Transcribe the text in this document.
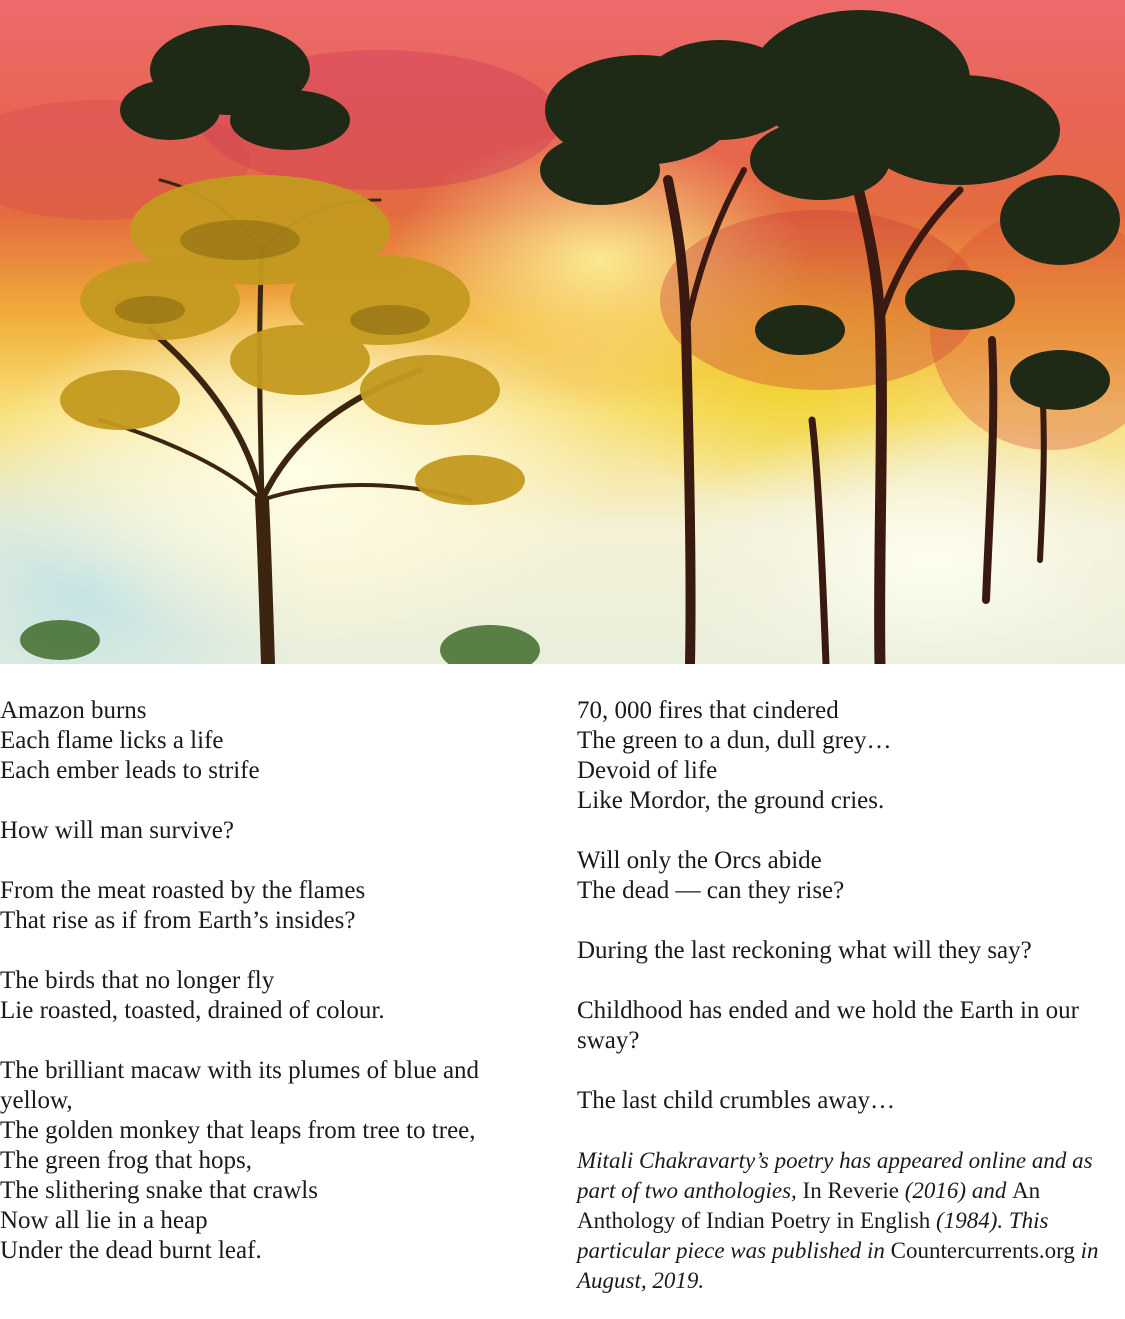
Amazon burns
Each flame licks a life
Each ember leads to strife
How will man survive?
From the meat roasted by the flames
That rise as if from Earth’s insides?
The birds that no longer fly
Lie roasted, toasted, drained of colour.
The brilliant macaw with its plumes of blue and yellow,
The golden monkey that leaps from tree to tree,
The green frog that hops,
The slithering snake that crawls
Now all lie in a heap
Under the dead burnt leaf.
70, 000 fires that cindered
The green to a dun, dull grey…
Devoid of life
Like Mordor, the ground cries.
Will only the Orcs abide
The dead — can they rise?
During the last reckoning what will they say?
Childhood has ended and we hold the Earth in our sway?
The last child crumbles away…

Mitali Chakravarty’s poetry has appeared online and as part of two anthologies, In Reverie (2016) and An Anthology of Indian Poetry in English (1984). This particular piece was published in Countercurrents.org in August, 2019.
